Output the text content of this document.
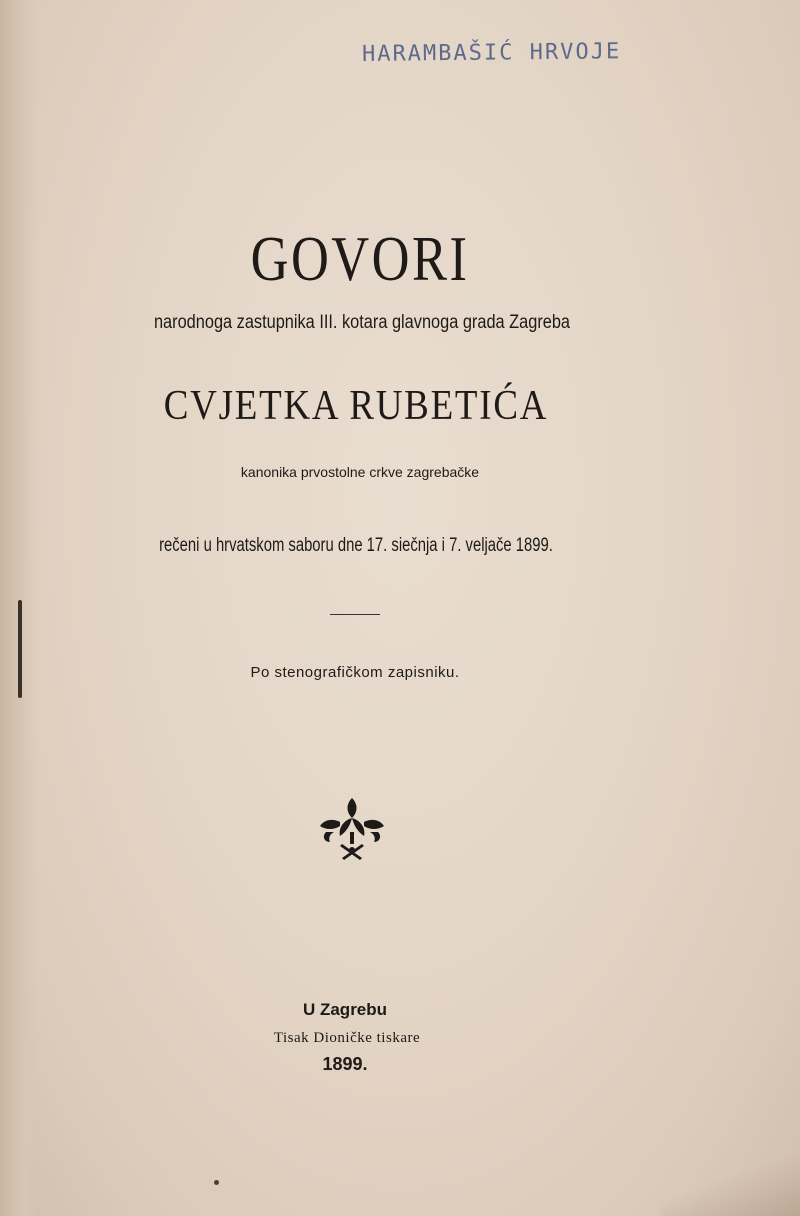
HARAMBAŠIĆ HRVOJE
GOVORI
narodnoga zastupnika III. kotara glavnoga grada Zagreba
CVJETKA RUBETIĆA
kanonika prvostolne crkve zagrebačke
rečeni u hrvatskom saboru dne 17. siečnja i 7. veljače 1899.
Po stenografičkom zapisniku.
U Zagrebu
Tisak Dioničke tiskare
1899.
